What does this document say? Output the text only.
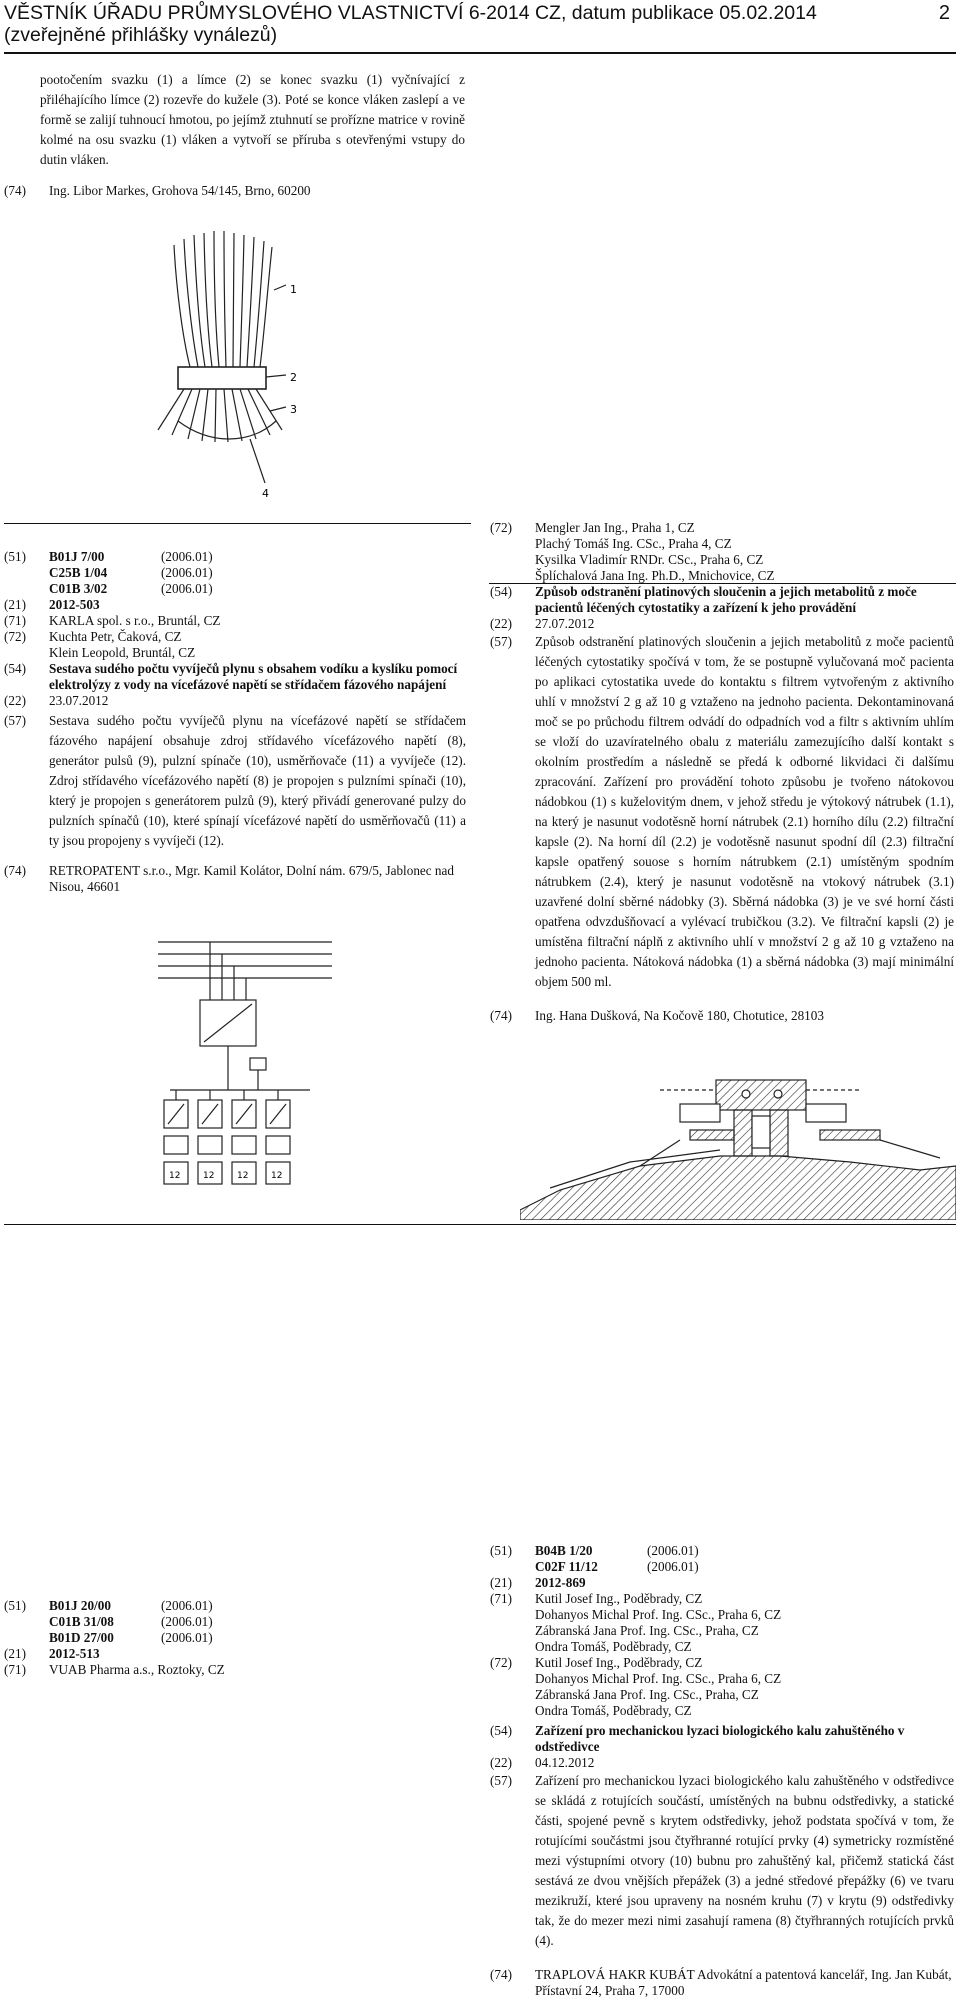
VĚSTNÍK ÚŘADU PRŮMYSLOVÉHO VLASTNICTVÍ 6-2014 CZ, datum publikace 05.02.2014
(zveřejněné přihlášky vynálezů)
2

pootočením svazku (1) a límce (2) se konec svazku (1) vyčnívající z přiléhajícího límce (2) rozevře do kužele (3). Poté se konce vláken zaslepí a ve formě se zalijí tuhnoucí hmotou, po jejímž ztuhnutí se prořízne matrice v rovině kolmé na osu svazku (1) vláken a vytvoří se příruba s otevřenými vstupy do dutin vláken.

(74) Ing. Libor Markes, Grohova 54/145, Brno, 60200
1
2
3
4
(51) B01J 7/00	(2006.01)
C25B 1/04	(2006.01)
C01B 3/02	(2006.01)
(21) 2012-503
(71) KARLA spol. s r.o., Bruntál, CZ
(72) Kuchta Petr, Čaková, CZ
Klein Leopold, Bruntál, CZ
(54) Sestava sudého počtu vyvíječů plynu s obsahem vodíku a kyslíku pomocí elektrolýzy z vody na vícefázové napětí se střídačem fázového napájení
(22) 23.07.2012
(57) Sestava sudého počtu vyvíječů plynu na vícefázové napětí se střídačem fázového napájení obsahuje zdroj střídavého vícefázového napětí (8), generátor pulsů (9), pulzní spínače (10), usměrňovače (11) a vyvíječe (12). Zdroj střídavého vícefázového napětí (8) je propojen s pulzními spínači (10), který je propojen s generátorem pulzů (9), který přivádí generované pulzy do pulzních spínačů (10), které spínají vícefázové napětí do usměrňovačů (11) a ty jsou propojeny s vyvíječi (12).
(74) RETROPATENT s.r.o., Mgr. Kamil Kolátor, Dolní nám. 679/5, Jablonec nad Nisou, 46601
12	12	12	12
(51) B01J 20/00	(2006.01)
C01B 31/08	(2006.01)
B01D 27/00	(2006.01)
(21) 2012-513
(71) VUAB Pharma a.s., Roztoky, CZ
(72) Mengler Jan Ing., Praha 1, CZ
Plachý Tomáš Ing. CSc., Praha 4, CZ
Kysilka Vladimír RNDr. CSc., Praha 6, CZ
Šplíchalová Jana Ing. Ph.D., Mnichovice, CZ
(54) Způsob odstranění platinových sloučenin a jejich metabolitů z moče pacientů léčených cytostatiky a zařízení k jeho provádění
(22) 27.07.2012
(57) Způsob odstranění platinových sloučenin a jejich metabolitů z moče pacientů léčených cytostatiky spočívá v tom, že se postupně vylučovaná moč pacienta po aplikaci cytostatika uvede do kontaktu s filtrem vytvořeným z aktivního uhlí v množství 2 g až 10 g vztaženo na jednoho pacienta. Dekontaminovaná moč se po průchodu filtrem odvádí do odpadních vod a filtr s aktivním uhlím se vloží do uzavíratelného obalu z materiálu zamezujícího další kontakt s okolním prostředím a následně se předá k odborné likvidaci či dalšímu zpracování. Zařízení pro provádění tohoto způsobu je tvořeno nátokovou nádobkou (1) s kuželovitým dnem, v jehož středu je výtokový nátrubek (1.1), na který je nasunut vodotěsně horní nátrubek (2.1) horního dílu (2.2) filtrační kapsle (2). Na horní díl (2.2) je vodotěsně nasunut spodní díl (2.3) filtrační kapsle opatřený souose s horním nátrubkem (2.1) umístěným spodním nátrubkem (2.4), který je nasunut vodotěsně na vtokový nátrubek (3.1) uzavřené dolní sběrné nádobky (3). Sběrná nádobka (3) je ve své horní části opatřena odvzdušňovací a vylévací trubičkou (3.2). Ve filtrační kapsli (2) je umístěna filtrační náplň z aktivního uhlí v množství 2 g až 10 g vztaženo na jednoho pacienta. Nátoková nádobka (1) a sběrná nádobka (3) mají minimální objem 500 ml.
(74) Ing. Hana Dušková, Na Kočově 180, Chotutice, 28103
(51) B04B 1/20	(2006.01)
C02F 11/12	(2006.01)
(21) 2012-869
(71) Kutil Josef Ing., Poděbrady, CZ
Dohanyos Michal Prof. Ing. CSc., Praha 6, CZ
Zábranská Jana Prof. Ing. CSc., Praha, CZ
Ondra Tomáš, Poděbrady, CZ
(72) Kutil Josef Ing., Poděbrady, CZ
Dohanyos Michal Prof. Ing. CSc., Praha 6, CZ
Zábranská Jana Prof. Ing. CSc., Praha, CZ
Ondra Tomáš, Poděbrady, CZ
(54) Zařízení pro mechanickou lyzaci biologického kalu zahuštěného v odstředivce
(22) 04.12.2012
(57) Zařízení pro mechanickou lyzaci biologického kalu zahuštěného v odstředivce se skládá z rotujících součástí, umístěných na bubnu odstředivky, a statické části, spojené pevně s krytem odstředivky, jehož podstata spočívá v tom, že rotujícími součástmi jsou čtyřhranné rotující prvky (4) symetricky rozmístěné mezi výstupními otvory (10) bubnu pro zahuštěný kal, přičemž statická část sestává ze dvou vnějších přepážek (3) a jedné středové přepážky (6) ve tvaru mezikruží, které jsou upraveny na nosném kruhu (7) v krytu (9) odstředivky tak, že do mezer mezi nimi zasahují ramena (8) čtyřhranných rotujících prvků (4).
(74) TRAPLOVÁ HAKR KUBÁT Advokátní a patentová kancelář, Ing. Jan Kubát, Přístavní 24, Praha 7, 17000
